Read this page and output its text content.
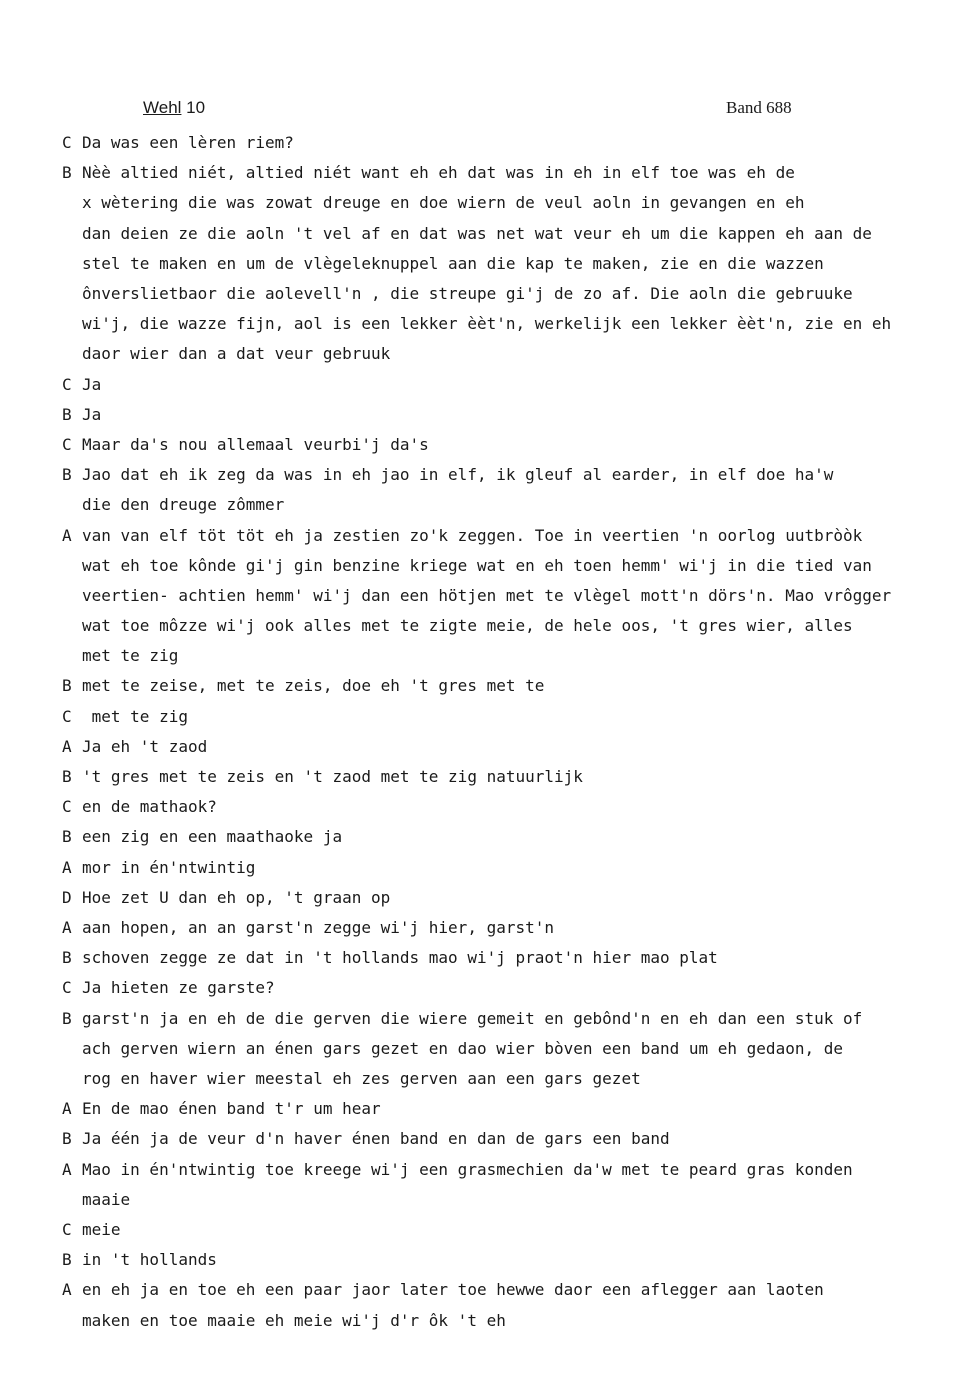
Wehl 10	Band 688
C Da was een lèren riem?
B Nèè altied niét, altied niét want eh eh dat was in eh in elf toe was eh de
x wètering die was zowat dreuge en doe wiern de veul aoln in gevangen en eh
dan deien ze die aoln 't vel af en dat was net wat veur eh um die kappen eh aan de
stel te maken en um de vlègeleknuppel aan die kap te maken, zie en die wazzen
ônverslietbaor die aolevell'n , die streupe gi'j de zo af. Die aoln die gebruuke
wi'j, die wazze fijn, aol is een lekker èèt'n, werkelijk een lekker èèt'n, zie en eh
daor wier dan a dat veur gebruuk
C Ja
B Ja
C Maar da's nou allemaal veurbi'j da's
B Jao dat eh ik zeg da was in eh jao in elf, ik gleuf al earder, in elf doe ha'w
die den dreuge zômmer
A van van elf töt töt eh ja zestien zo'k zeggen. Toe in veertien 'n oorlog uutbròòk
wat eh toe kônde gi'j gin benzine kriege wat en eh toen hemm' wi'j in die tied van
veertien- achtien hemm' wi'j dan een hötjen met te vlègel mott'n dörs'n. Mao vrôgger
wat toe môzze wi'j ook alles met te zigte meie, de hele oos, 't gres wier, alles
met te zig
B met te zeise, met te zeis, doe eh 't gres met te
C met te zig
A Ja eh 't zaod
B 't gres met te zeis en 't zaod met te zig natuurlijk
C en de mathaok?
B een zig en een maathaoke ja
A mor in én'ntwintig
D Hoe zet U dan eh op, 't graan op
A aan hopen, an an garst'n zegge wi'j hier, garst'n
B schoven zegge ze dat in 't hollands mao wi'j praot'n hier mao plat
C Ja hieten ze garste?
B garst'n ja en eh de die gerven die wiere gemeit en gebônd'n en eh dan een stuk of
ach gerven wiern an énen gars gezet en dao wier bòven een band um eh gedaon, de
rog en haver wier meestal eh zes gerven aan een gars gezet
A En de mao énen band t'r um hear
B Ja één ja de veur d'n haver énen band en dan de gars een band
A Mao in én'ntwintig toe kreege wi'j een grasmechien da'w met te peard gras konden
maaie
C meie
B in 't hollands
A en eh ja en toe eh een paar jaor later toe hewwe daor een aflegger aan laoten
maken en toe maaie eh meie wi'j d'r ôk 't eh
